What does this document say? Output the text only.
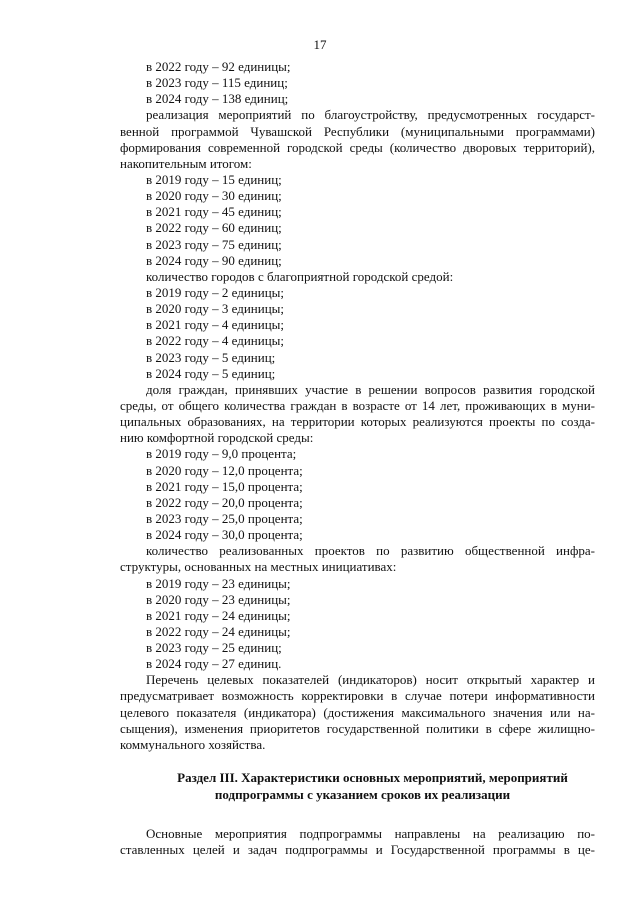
17
в 2022 году – 92 единицы;
в 2023 году – 115 единиц;
в 2024 году – 138 единиц;
реализация мероприятий по благоустройству, предусмотренных государст-
венной программой Чувашской Республики (муниципальными программами)
формирования современной городской среды (количество дворовых территорий),
накопительным итогом:
в 2019 году – 15 единиц;
в 2020 году – 30 единиц;
в 2021 году – 45 единиц;
в 2022 году – 60 единиц;
в 2023 году – 75 единиц;
в 2024 году – 90 единиц;
количество городов с благоприятной городской средой:
в 2019 году – 2 единицы;
в 2020 году – 3 единицы;
в 2021 году – 4 единицы;
в 2022 году – 4 единицы;
в 2023 году – 5 единиц;
в 2024 году – 5 единиц;
доля граждан, принявших участие в решении вопросов развития городской
среды, от общего количества граждан в возрасте от 14 лет, проживающих в муни-
ципальных образованиях, на территории которых реализуются проекты по созда-
нию комфортной городской среды:
в 2019 году – 9,0 процента;
в 2020 году – 12,0 процента;
в 2021 году – 15,0 процента;
в 2022 году – 20,0 процента;
в 2023 году – 25,0 процента;
в 2024 году – 30,0 процента;
количество реализованных проектов по развитию общественной инфра-
структуры, основанных на местных инициативах:
в 2019 году – 23 единицы;
в 2020 году – 23 единицы;
в 2021 году – 24 единицы;
в 2022 году – 24 единицы;
в 2023 году – 25 единиц;
в 2024 году – 27 единиц.
Перечень целевых показателей (индикаторов) носит открытый характер и
предусматривает возможность корректировки в случае потери информативности
целевого показателя (индикатора) (достижения максимального значения или на-
сыщения), изменения приоритетов государственной политики в сфере жилищно-
коммунального хозяйства.
Раздел III. Характеристики основных мероприятий, мероприятий
подпрограммы с указанием сроков их реализации
Основные мероприятия подпрограммы направлены на реализацию по-
ставленных целей и задач подпрограммы и Государственной программы в це-
